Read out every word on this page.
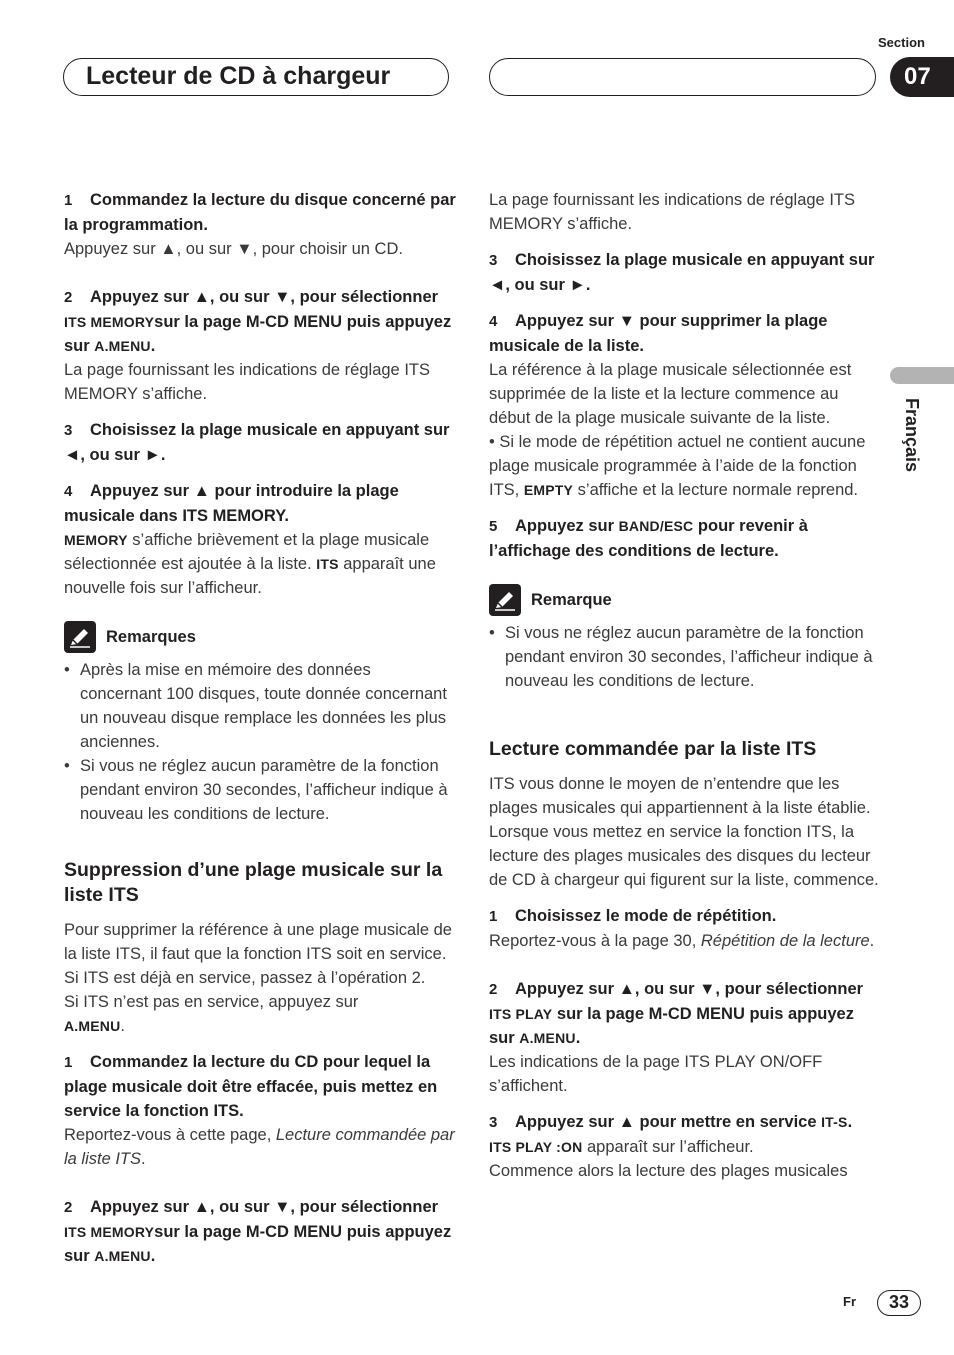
Lecteur de CD à chargeur
Section
07
Français

1 Commandez la lecture du disque concerné par la programmation.

Appuyez sur ▲, ou sur ▼, pour choisir un CD.

2 Appuyez sur ▲, ou sur ▼, pour sélectionner ITS MEMORYsur la page M-CD MENU puis appuyez sur A.MENU.

La page fournissant les indications de réglage ITS MEMORY s’affiche.

3 Choisissez la plage musicale en appuyant sur ◄, ou sur ►.

4 Appuyez sur ▲ pour introduire la plage musicale dans ITS MEMORY.

MEMORY s’affiche brièvement et la plage musicale sélectionnée est ajoutée à la liste. ITS apparaît une nouvelle fois sur l’afficheur.

Remarques

• Après la mise en mémoire des données concernant 100 disques, toute donnée concernant un nouveau disque remplace les données les plus anciennes.

• Si vous ne réglez aucun paramètre de la fonction pendant environ 30 secondes, l’afficheur indique à nouveau les conditions de lecture.

Suppression d’une plage musicale sur la liste ITS

Pour supprimer la référence à une plage musicale de la liste ITS, il faut que la fonction ITS soit en service.

Si ITS est déjà en service, passez à l’opération 2.

Si ITS n’est pas en service, appuyez sur

A.MENU.

1 Commandez la lecture du CD pour lequel la plage musicale doit être effacée, puis mettez en service la fonction ITS.

Reportez-vous à cette page, Lecture commandée par la liste ITS.

2 Appuyez sur ▲, ou sur ▼, pour sélectionner ITS MEMORYsur la page M-CD MENU puis appuyez sur A.MENU.

La page fournissant les indications de réglage ITS MEMORY s’affiche.

3 Choisissez la plage musicale en appuyant sur ◄, ou sur ►.

4 Appuyez sur ▼ pour supprimer la plage musicale de la liste.

La référence à la plage musicale sélectionnée est supprimée de la liste et la lecture commence au début de la plage musicale suivante de la liste.

• Si le mode de répétition actuel ne contient aucune plage musicale programmée à l’aide de la fonction ITS, EMPTY s’affiche et la lecture normale reprend.

5 Appuyez sur BAND/ESC pour revenir à l’affichage des conditions de lecture.

Remarque

• Si vous ne réglez aucun paramètre de la fonction pendant environ 30 secondes, l’afficheur indique à nouveau les conditions de lecture.

Lecture commandée par la liste ITS

ITS vous donne le moyen de n’entendre que les plages musicales qui appartiennent à la liste établie. Lorsque vous mettez en service la fonction ITS, la lecture des plages musicales des disques du lecteur de CD à chargeur qui figurent sur la liste, commence.

1 Choisissez le mode de répétition.

Reportez-vous à la page 30, Répétition de la lecture.

2 Appuyez sur ▲, ou sur ▼, pour sélectionner ITS PLAY sur la page M-CD MENU puis appuyez sur A.MENU.

Les indications de la page ITS PLAY ON/OFF s’affichent.

3 Appuyez sur ▲ pour mettre en service IT-S.

ITS PLAY :ON apparaît sur l’afficheur.

Commence alors la lecture des plages musicales

Fr	33
